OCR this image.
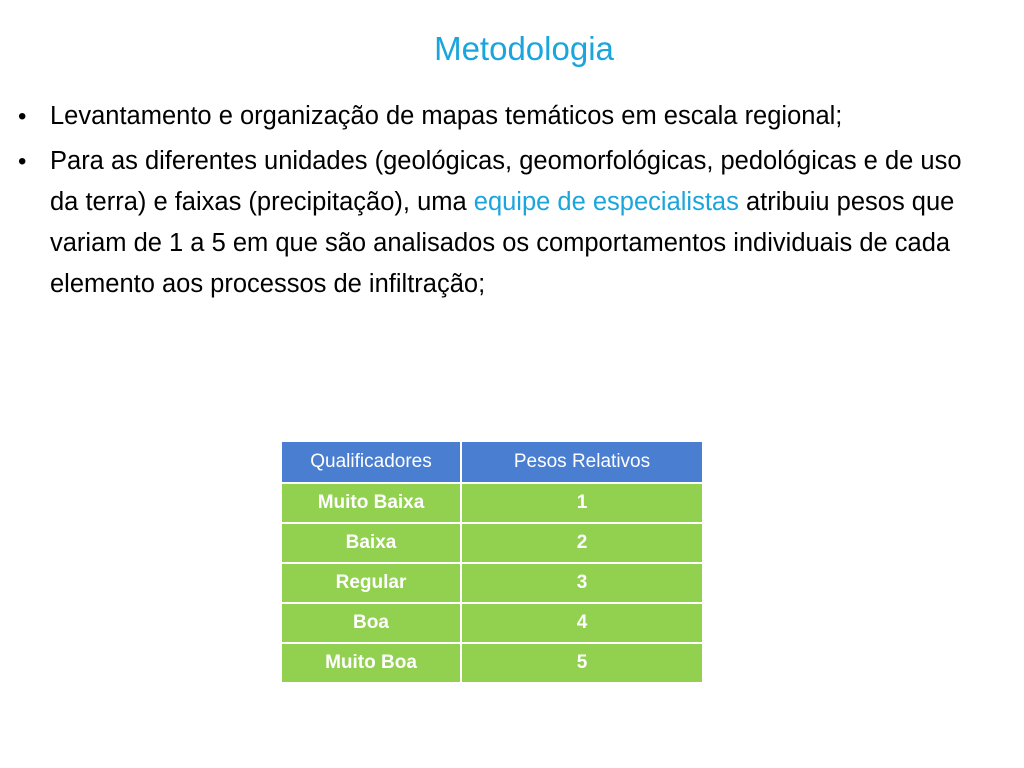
Metodologia
• Levantamento e organização de mapas temáticos em escala regional;
• Para as diferentes unidades (geológicas, geomorfológicas, pedológicas e de uso da terra) e faixas (precipitação), uma equipe de especialistas atribuiu pesos que variam de 1 a 5 em que são analisados os comportamentos individuais de cada elemento aos processos de infiltração;
Qualificadores	Pesos Relativos
Muito Baixa	1
Baixa	2
Regular	3
Boa	4
Muito Boa	5
